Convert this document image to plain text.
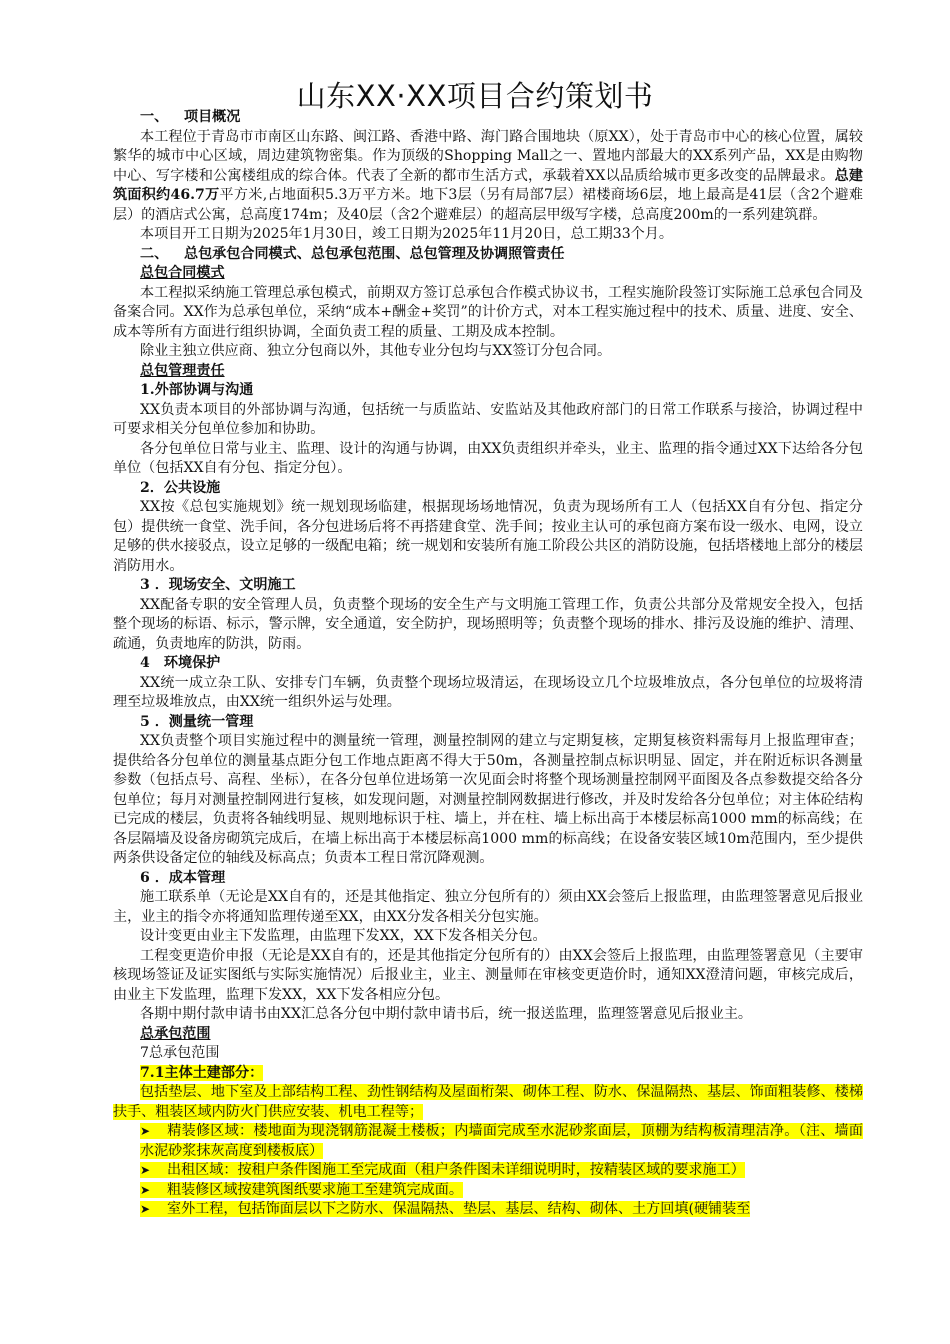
山东XX·XX项目合约策划书

一、 项目概况

本工程位于青岛市市南区山东路、闽江路、香港中路、海门路合围地块（原XX），处于青岛市中心的核心位置，属较繁华的城市中心区域，周边建筑物密集。作为顶级的Shopping Mall之一、置地内部最大的XX系列产品，XX是由购物中心、写字楼和公寓楼组成的综合体。代表了全新的都市生活方式，承载着XX以品质给城市更多改变的品牌最求。总建筑面积约46.7万平方米,占地面积5.3万平方米。地下3层（另有局部7层）裙楼商场6层，地上最高是41层（含2个避难层）的酒店式公寓，总高度174m；及40层（含2个避难层）的超高层甲级写字楼，总高度200m的一系列建筑群。

本项目开工日期为2025年1月30日，竣工日期为2025年11月20日，总工期33个月。

二、 总包承包合同模式、总包承包范围、总包管理及协调照管责任

总包合同模式

本工程拟采纳施工管理总承包模式，前期双方签订总承包合作模式协议书，工程实施阶段签订实际施工总承包合同及备案合同。XX作为总承包单位，采纳“成本+酬金+奖罚”的计价方式，对本工程实施过程中的技术、质量、进度、安全、成本等所有方面进行组织协调，全面负责工程的质量、工期及成本控制。

除业主独立供应商、独立分包商以外，其他专业分包均与XX签订分包合同。

总包管理责任

1.外部协调与沟通

XX负责本项目的外部协调与沟通，包括统一与质监站、安监站及其他政府部门的日常工作联系与接洽，协调过程中可要求相关分包单位参加和协助。

各分包单位日常与业主、监理、设计的沟通与协调，由XX负责组织并牵头，业主、监理的指令通过XX下达给各分包单位（包括XX自有分包、指定分包）。

2．公共设施

XX按《总包实施规划》统一规划现场临建，根据现场场地情况，负责为现场所有工人（包括XX自有分包、指定分包）提供统一食堂、洗手间，各分包进场后将不再搭建食堂、洗手间；按业主认可的承包商方案布设一级水、电网，设立足够的供水接驳点，设立足够的一级配电箱；统一规划和安装所有施工阶段公共区的消防设施，包括塔楼地上部分的楼层消防用水。

3 ．现场安全、文明施工

XX配备专职的安全管理人员，负责整个现场的安全生产与文明施工管理工作，负责公共部分及常规安全投入，包括整个现场的标语、标示，警示牌，安全通道，安全防护，现场照明等；负责整个现场的排水、排污及设施的维护、清理、疏通，负责地库的防洪，防雨。

4　环境保护

XX统一成立杂工队、安排专门车辆，负责整个现场垃圾清运，在现场设立几个垃圾堆放点，各分包单位的垃圾将清理至垃圾堆放点，由XX统一组织外运与处理。

5 ．测量统一管理

XX负责整个项目实施过程中的测量统一管理，测量控制网的建立与定期复核，定期复核资料需每月上报监理审查；提供给各分包单位的测量基点距分包工作地点距离不得大于50m，各测量控制点标识明显、固定，并在附近标识各测量参数（包括点号、高程、坐标），在各分包单位进场第一次见面会时将整个现场测量控制网平面图及各点参数提交给各分包单位；每月对测量控制网进行复核，如发现问题，对测量控制网数据进行修改，并及时发给各分包单位；对主体砼结构已完成的楼层，负责将各轴线明显、规则地标识于柱、墙上，并在柱、墙上标出高于本楼层标高1000 mm的标高线；在各层隔墙及设备房砌筑完成后，在墙上标出高于本楼层标高1000 mm的标高线；在设备安装区域10m范围内，至少提供两条供设备定位的轴线及标高点；负责本工程日常沉降观测。

6 ．成本管理

施工联系单（无论是XX自有的，还是其他指定、独立分包所有的）须由XX会签后上报监理，由监理签署意见后报业主，业主的指令亦将通知监理传递至XX，由XX分发各相关分包实施。

设计变更由业主下发监理，由监理下发XX，XX下发各相关分包。

工程变更造价申报（无论是XX自有的，还是其他指定分包所有的）由XX会签后上报监理，由监理签署意见（主要审核现场签证及证实图纸与实际实施情况）后报业主，业主、测量师在审核变更造价时，通知XX澄清问题，审核完成后，由业主下发监理，监理下发XX，XX下发各相应分包。

各期中期付款申请书由XX汇总各分包中期付款申请书后，统一报送监理，监理签署意见后报业主。

总承包范围

7总承包范围

7.1主体土建部分：

包括垫层、地下室及上部结构工程、劲性钢结构及屋面桁架、砌体工程、防水、保温隔热、基层、饰面粗装修、楼梯扶手、粗装区域内防火门供应安装、机电工程等；

➤ 精装修区域：楼地面为现浇钢筋混凝土楼板；内墙面完成至水泥砂浆面层，顶棚为结构板清理洁净。（注、墙面水泥砂浆抹灰高度到楼板底）

➤ 出租区域：按租户条件图施工至完成面（租户条件图未详细说明时，按精装区域的要求施工）

➤ 粗装修区域按建筑图纸要求施工至建筑完成面。

➤ 室外工程，包括饰面层以下之防水、保温隔热、垫层、基层、结构、砌体、土方回填(硬铺装至
